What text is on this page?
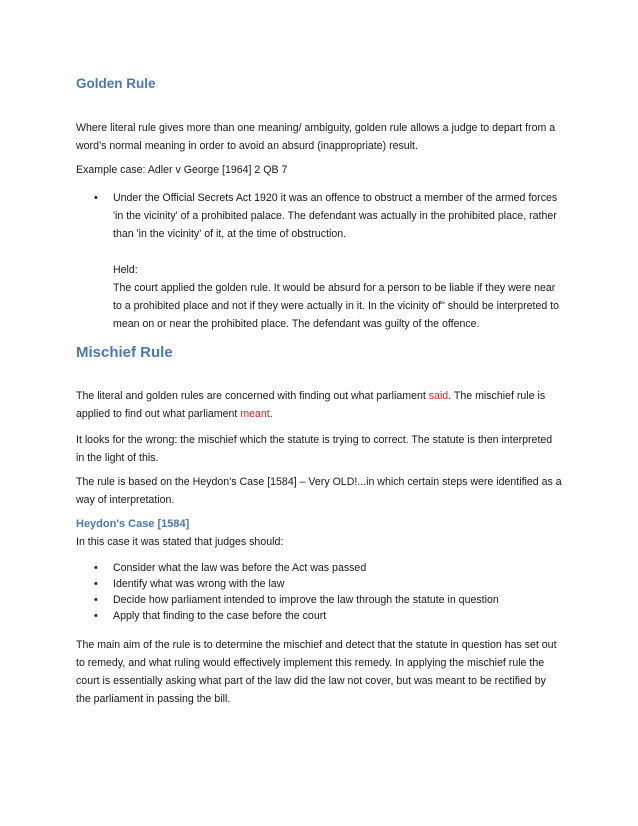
Golden Rule

Where literal rule gives more than one meaning/ ambiguity, golden rule allows a judge to depart from a word’s normal meaning in order to avoid an absurd (inappropriate) result.

Example case: Adler v George [1964] 2 QB 7

• Under the Official Secrets Act 1920 it was an offence to obstruct a member of the armed forces 'in the vicinity' of a prohibited palace. The defendant was actually in the prohibited place, rather than 'in the vicinity' of it, at the time of obstruction.
Held:
The court applied the golden rule. It would be absurd for a person to be liable if they were near to a prohibited place and not if they were actually in it. In the vicinity of" should be interpreted to mean on or near the prohibited place. The defendant was guilty of the offence.
Mischief Rule

The literal and golden rules are concerned with finding out what parliament said. The mischief rule is applied to find out what parliament meant.

It looks for the wrong: the mischief which the statute is trying to correct. The statute is then interpreted in the light of this.

The rule is based on the Heydon’s Case [1584] – Very OLD!...in which certain steps were identified as a way of interpretation.

Heydon's Case [1584]

In this case it was stated that judges should:

• Consider what the law was before the Act was passed
• Identify what was wrong with the law
• Decide how parliament intended to improve the law through the statute in question
• Apply that finding to the case before the court

The main aim of the rule is to determine the mischief and detect that the statute in question has set out to remedy, and what ruling would effectively implement this remedy. In applying the mischief rule the court is essentially asking what part of the law did the law not cover, but was meant to be rectified by the parliament in passing the bill.
